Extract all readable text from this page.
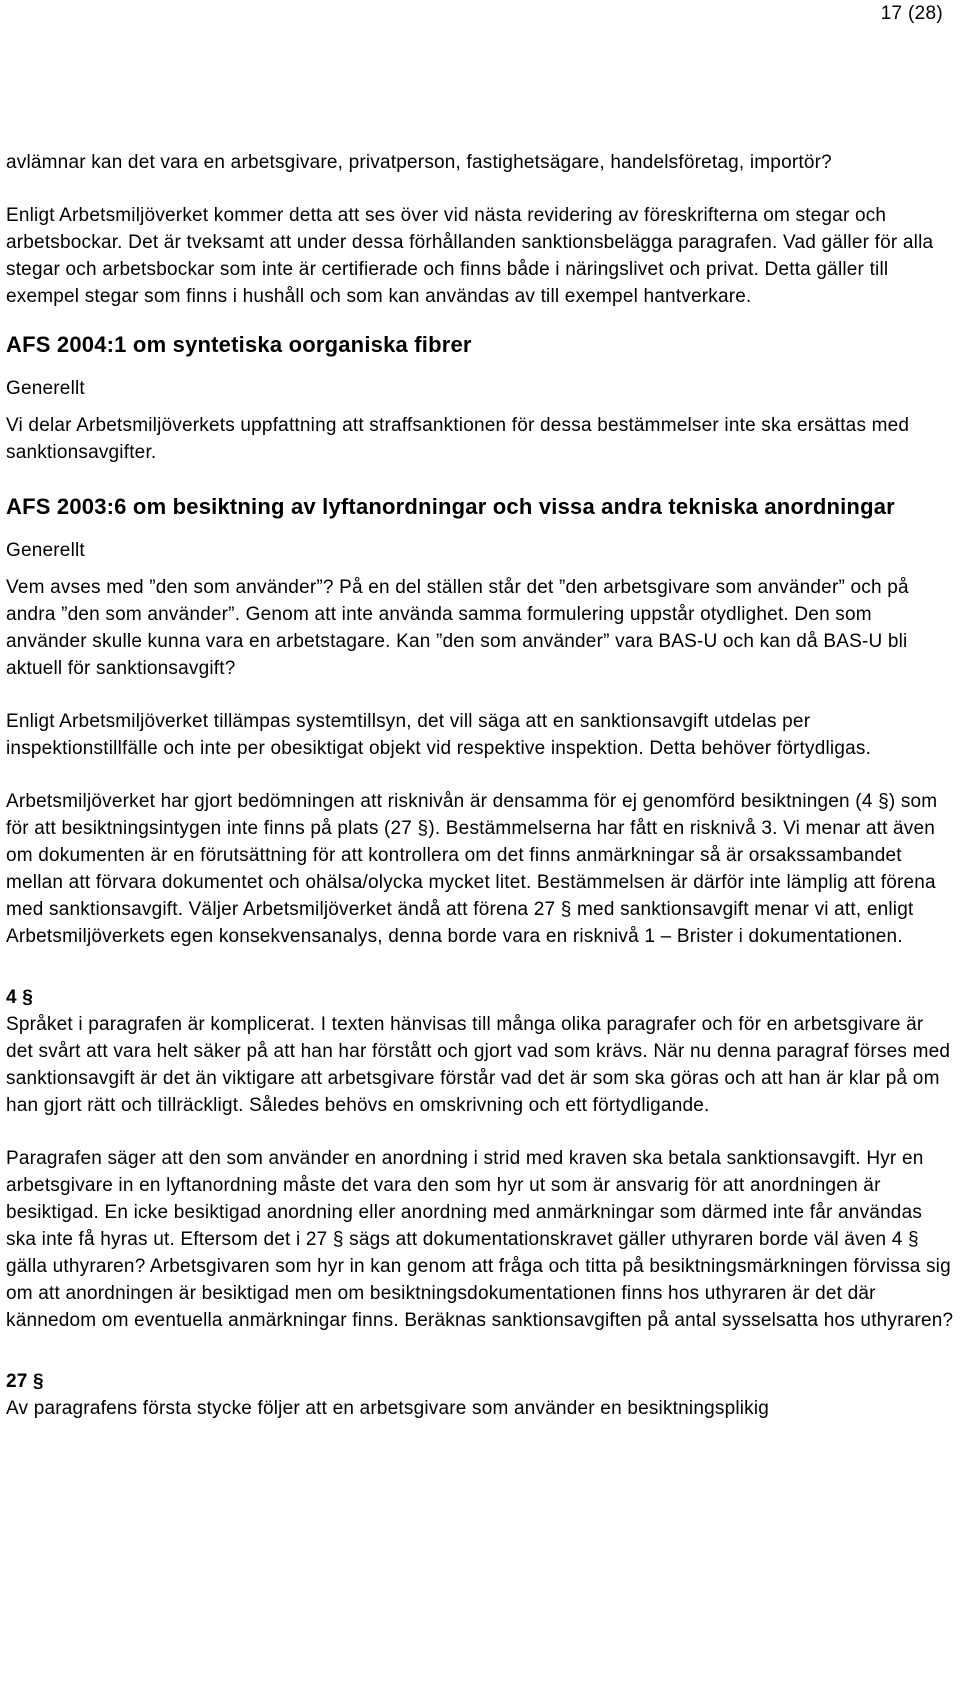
17 (28)

avlämnar kan det vara en arbetsgivare, privatperson, fastighetsägare, handelsföretag, importör?

Enligt Arbetsmiljöverket kommer detta att ses över vid nästa revidering av föreskrifterna om stegar och arbetsbockar. Det är tveksamt att under dessa förhållanden sanktionsbelägga paragrafen. Vad gäller för alla stegar och arbetsbockar som inte är certifierade och finns både i näringslivet och privat. Detta gäller till exempel stegar som finns i hushåll och som kan användas av till exempel hantverkare.

AFS 2004:1 om syntetiska oorganiska fibrer

Generellt

Vi delar Arbetsmiljöverkets uppfattning att straffsanktionen för dessa bestämmelser inte ska ersättas med sanktionsavgifter.

AFS 2003:6 om besiktning av lyftanordningar och vissa andra tekniska anordningar

Generellt

Vem avses med ”den som använder”? På en del ställen står det ”den arbetsgivare som använder” och på andra ”den som använder”. Genom att inte använda samma formulering uppstår otydlighet. Den som använder skulle kunna vara en arbetstagare. Kan ”den som använder” vara BAS-U och kan då BAS-U bli aktuell för sanktionsavgift?

Enligt Arbetsmiljöverket tillämpas systemtillsyn, det vill säga att en sanktionsavgift utdelas per inspektionstillfälle och inte per obesiktigat objekt vid respektive inspektion. Detta behöver förtydligas.

Arbetsmiljöverket har gjort bedömningen att risknivån är densamma för ej genomförd besiktningen (4 §) som för att besiktningsintygen inte finns på plats (27 §). Bestämmelserna har fått en risknivå 3. Vi menar att även om dokumenten är en förutsättning för att kontrollera om det finns anmärkningar så är orsakssambandet mellan att förvara dokumentet och ohälsa/olycka mycket litet. Bestämmelsen är därför inte lämplig att förena med sanktionsavgift. Väljer Arbetsmiljöverket ändå att förena 27 § med sanktionsavgift menar vi att, enligt Arbetsmiljöverkets egen konsekvensanalys, denna borde vara en risknivå 1 – Brister i dokumentationen.

4 §

Språket i paragrafen är komplicerat. I texten hänvisas till många olika paragrafer och för en arbetsgivare är det svårt att vara helt säker på att han har förstått och gjort vad som krävs. När nu denna paragraf förses med sanktionsavgift är det än viktigare att arbetsgivare förstår vad det är som ska göras och att han är klar på om han gjort rätt och tillräckligt. Således behövs en omskrivning och ett förtydligande.

Paragrafen säger att den som använder en anordning i strid med kraven ska betala sanktionsavgift. Hyr en arbetsgivare in en lyftanordning måste det vara den som hyr ut som är ansvarig för att anordningen är besiktigad. En icke besiktigad anordning eller anordning med anmärkningar som därmed inte får användas ska inte få hyras ut. Eftersom det i 27 § sägs att dokumentationskravet gäller uthyraren borde väl även 4 § gälla uthyraren? Arbetsgivaren som hyr in kan genom att fråga och titta på besiktningsmärkningen förvissa sig om att anordningen är besiktigad men om besiktningsdokumentationen finns hos uthyraren är det där kännedom om eventuella anmärkningar finns. Beräknas sanktionsavgiften på antal sysselsatta hos uthyraren?

27 §

Av paragrafens första stycke följer att en arbetsgivare som använder en besiktningsplikig
